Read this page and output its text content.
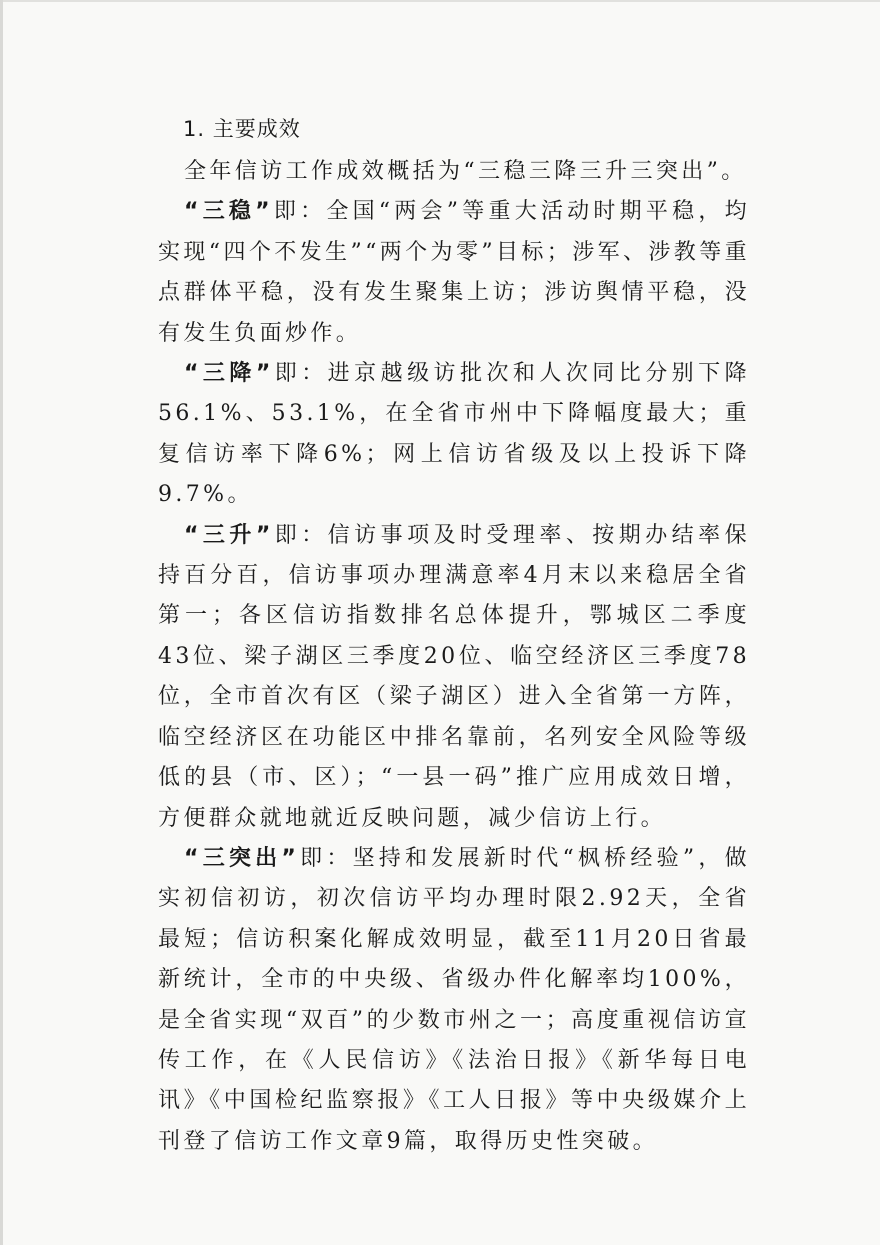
1. 主要成效

全年信访工作成效概括为“三稳三降三升三突出”。

“三稳”即：全国“两会”等重大活动时期平稳，均实现“四个不发生”“两个为零”目标；涉军、涉教等重点群体平稳，没有发生聚集上访；涉访舆情平稳，没有发生负面炒作。

“三降”即：进京越级访批次和人次同比分别下降56.1%、53.1%，在全省市州中下降幅度最大；重复信访率下降6%；网上信访省级及以上投诉下降9.7%。

“三升”即：信访事项及时受理率、按期办结率保持百分百，信访事项办理满意率4月末以来稳居全省第一；各区信访指数排名总体提升，鄂城区二季度43位、梁子湖区三季度20位、临空经济区三季度78位，全市首次有区（梁子湖区）进入全省第一方阵，临空经济区在功能区中排名靠前，名列安全风险等级低的县（市、区）；“一县一码”推广应用成效日增，方便群众就地就近反映问题，减少信访上行。

“三突出”即：坚持和发展新时代“枫桥经验”，做实初信初访，初次信访平均办理时限2.92天，全省最短；信访积案化解成效明显，截至11月20日省最新统计，全市的中央级、省级办件化解率均100%，是全省实现“双百”的少数市州之一；高度重视信访宣传工作，在《人民信访》《法治日报》《新华每日电讯》《中国检纪监察报》《工人日报》等中央级媒介上刊登了信访工作文章9篇，取得历史性突破。
